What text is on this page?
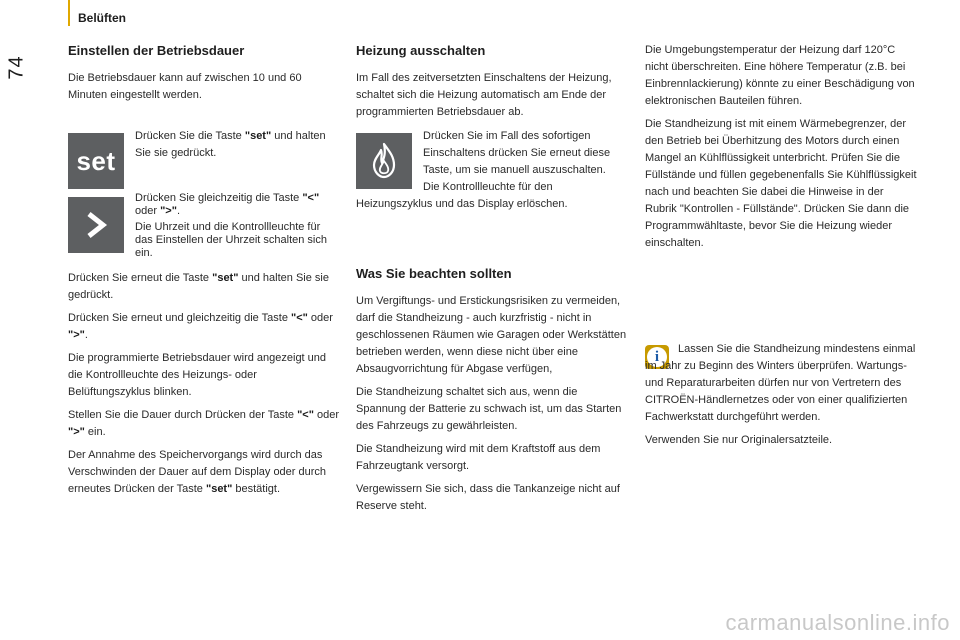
Belüften
74
Einstellen der Betriebsdauer

Die Betriebsdauer kann auf zwischen 10 und 60 Minuten eingestellt werden.

set

Drücken Sie die Taste "set" und halten Sie sie gedrückt.

Drücken Sie gleichzeitig die Taste "<" oder ">".

Die Uhrzeit und die Kontrollleuchte für das Einstellen der Uhrzeit schalten sich ein.

Drücken Sie erneut die Taste "set" und halten Sie sie gedrückt.

Drücken Sie erneut und gleichzeitig die Taste "<" oder ">".

Die programmierte Betriebsdauer wird angezeigt und die Kontrollleuchte des Heizungs- oder Belüftungszyklus blinken.

Stellen Sie die Dauer durch Drücken der Taste "<" oder ">" ein.

Der Annahme des Speichervorgangs wird durch das Verschwinden der Dauer auf dem Display oder durch erneutes Drücken der Taste "set" bestätigt.

Heizung ausschalten

Im Fall des zeitversetzten Einschaltens der Heizung, schaltet sich die Heizung automatisch am Ende der programmierten Betriebsdauer ab.

Drücken Sie im Fall des sofortigen Einschaltens drücken Sie erneut diese Taste, um sie manuell auszuschalten.

Die Kontrollleuchte für den Heizungszyklus und das Display erlöschen.

Was Sie beachten sollten

Um Vergiftungs- und Erstickungsrisiken zu vermeiden, darf die Standheizung - auch kurzfristig - nicht in geschlossenen Räumen wie Garagen oder Werkstätten betrieben werden, wenn diese nicht über eine Absaugvorrichtung für Abgase verfügen,

Die Standheizung schaltet sich aus, wenn die Spannung der Batterie zu schwach ist, um das Starten des Fahrzeugs zu gewährleisten.

Die Standheizung wird mit dem Kraftstoff aus dem Fahrzeugtank versorgt.

Vergewissern Sie sich, dass die Tankanzeige nicht auf Reserve steht.

Die Umgebungstemperatur der Heizung darf 120°C nicht überschreiten. Eine höhere Temperatur (z.B. bei Einbrennlackierung) könnte zu einer Beschädigung von elektronischen Bauteilen führen.

Die Standheizung ist mit einem Wärmebegrenzer, der den Betrieb bei Überhitzung des Motors durch einen Mangel an Kühlflüssigkeit unterbricht. Prüfen Sie die Füllstände und füllen gegebenenfalls Sie Kühlflüssigkeit nach und beachten Sie dabei die Hinweise in der Rubrik "Kontrollen - Füllstände". Drücken Sie dann die Programmwähltaste, bevor Sie die Heizung wieder einschalten.

i	Lassen Sie die Standheizung mindestens einmal im Jahr zu Beginn des Winters überprüfen. Wartungs- und Reparaturarbeiten dürfen nur von Vertretern des CITROËN-Händlernetzes oder von einer qualifizierten Fachwerkstatt durchgeführt werden.

Verwenden Sie nur Originalersatzteile.

carmanualsonline.info
